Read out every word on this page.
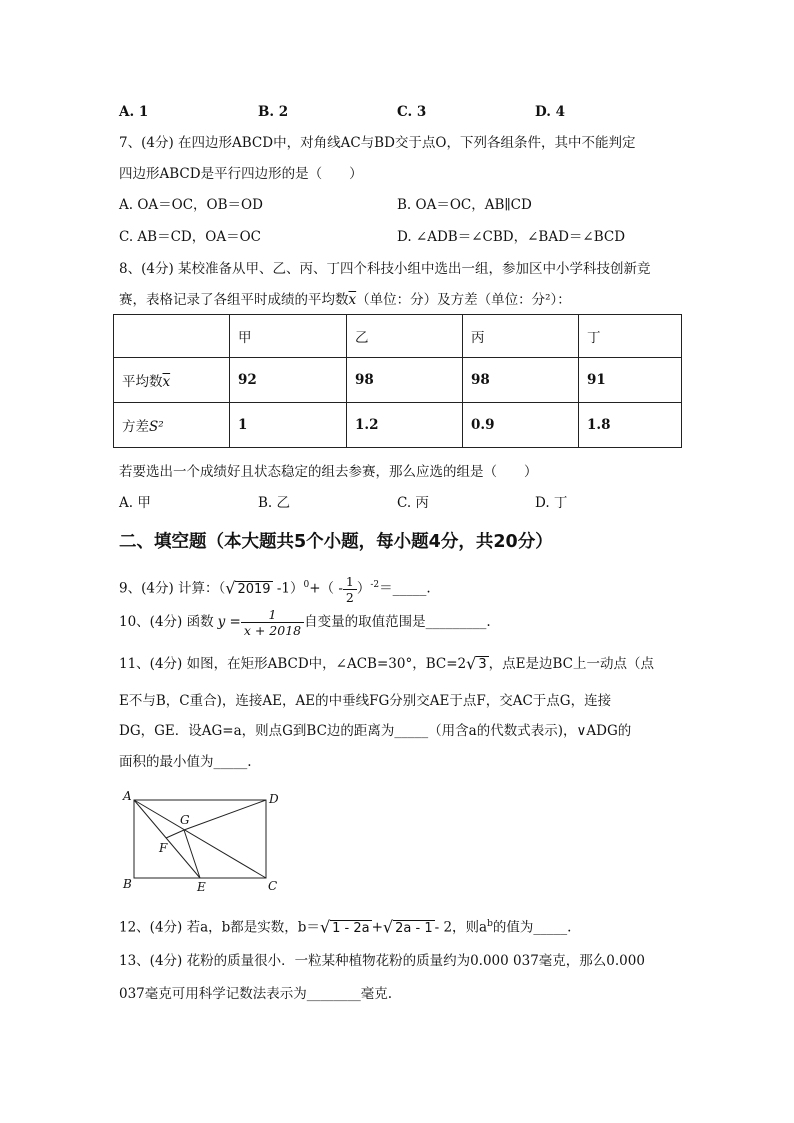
A. 1	B. 2	C. 3	D. 4
7、(4分) 在四边形ABCD中，对角线AC与BD交于点O，下列各组条件，其中不能判定
四边形ABCD是平行四边形的是（　　）
A. OA＝OC，OB＝OD	B. OA＝OC，AB∥CD
C. AB＝CD，OA＝OC	D. ∠ADB＝∠CBD，∠BAD＝∠BCD
8、(4分) 某校准备从甲、乙、丙、丁四个科技小组中选出一组，参加区中小学科技创新竞
赛，表格记录了各组平时成绩的平均数$\overline{x}$（单位：分）及方差（单位：分²）：
	甲	乙	丙	丁
平均数$\overline{x}$	92	98	98	91
方差S²	1	1.2	0.9	1.8
若要选出一个成绩好且状态稳定的组去参赛，那么应选的组是（　　）
A. 甲	B. 乙	C. 丙	D. 丁
二、填空题（本大题共5个小题，每小题4分，共20分）
9、(4分) 计算：（√ 2019 $-1)^0+( - \frac{1}{2}$ ）$^{-2}$＝_____.
10、(4分) 函数 $y = \frac{1}{x + 2018}$ 自变量的取值范围是_________.
11、(4分) 如图，在矩形ABCD中，∠ACB=30°，BC=2√ 3 ，点E是边BC上一动点（点
E不与B，C重合)，连接AE，AE的中垂线FG分别交AE于点F，交AC于点G，连接
DG，GE．设AG=a，则点G到BC边的距离为_____（用含a的代数式表示)，∨ADG的
面积的最小值为_____.
A	D
B	C
E
F
G
12、(4分) 若a，b都是实数，b＝√ 1 - 2a +√ 2a - 1 - 2，则$a^b$的值为_____.
13、(4分) 花粉的质量很小．一粒某种植物花粉的质量约为0.000 037毫克，那么0.000
037毫克可用科学记数法表示为________毫克.
